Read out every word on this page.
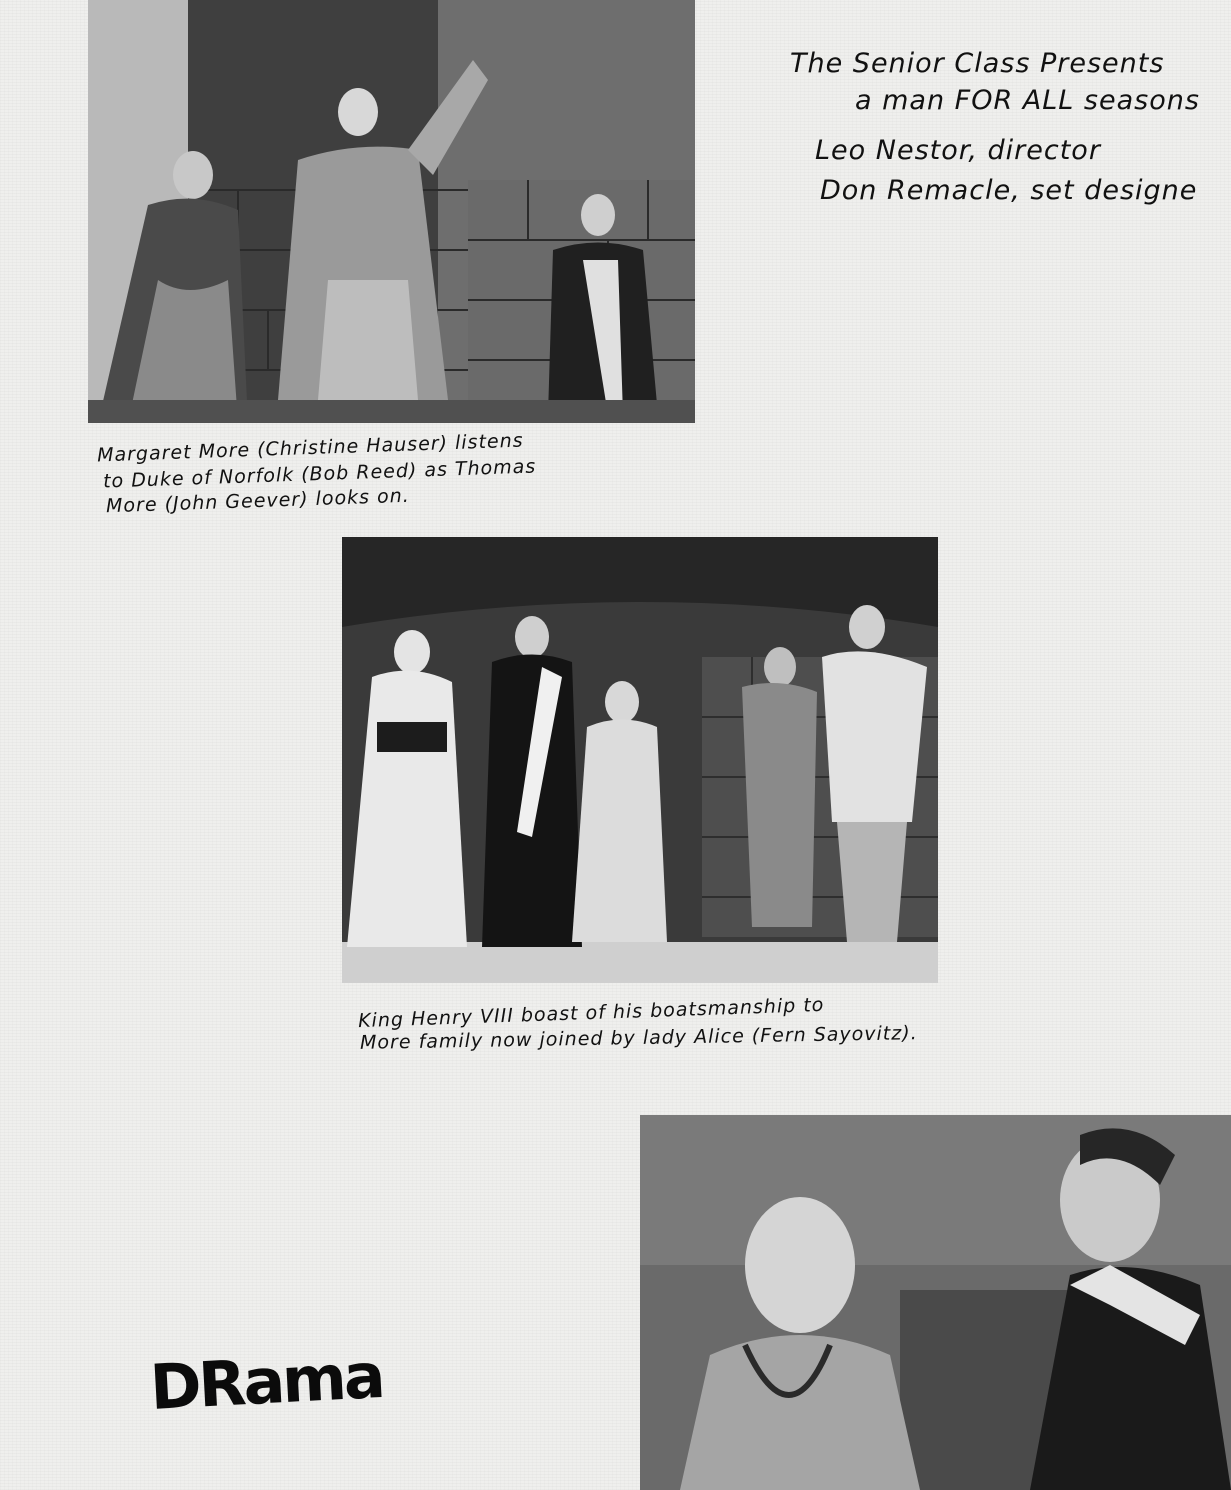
The Senior Class Presents
a man FOR ALL seasons
Leo Nestor, director
Don Remacle, set designe
Margaret More (Christine Hauser) listens
to Duke of Norfolk (Bob Reed) as Thomas
More (John Geever) looks on.
King Henry VIII boast of his boatsmanship to
More family now joined by lady Alice (Fern Sayovitz).
DRama
